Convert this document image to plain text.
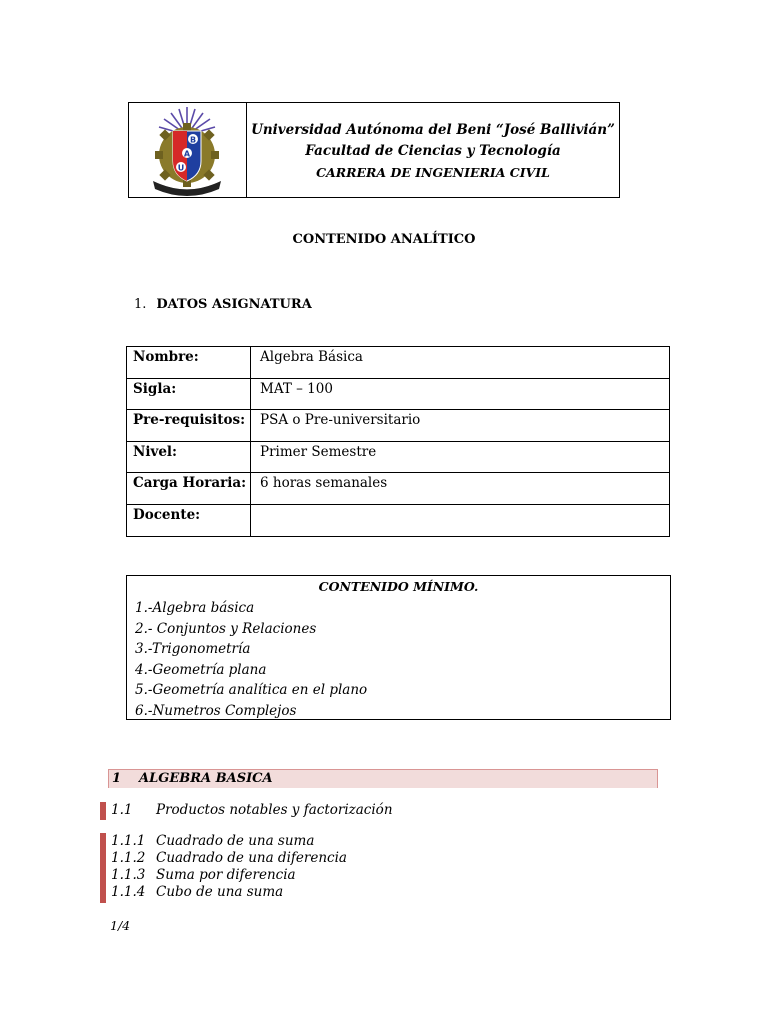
B
A
U
Universidad Autónoma del Beni “José Ballivián”
Facultad de Ciencias y Tecnología
CARRERA DE INGENIERIA CIVIL
CONTENIDO ANALÍTICO
1. DATOS ASIGNATURA
Nombre:	Algebra Básica
Sigla:	MAT – 100
Pre-requisitos:	PSA o Pre-universitario
Nivel:	Primer Semestre
Carga Horaria:	6 horas semanales
Docente:	
CONTENIDO MÍNIMO.
1.-Algebra básica
2.- Conjuntos y Relaciones
3.-Trigonometría
4.-Geometría plana
5.-Geometría analítica en el plano
6.-Numetros Complejos
1 ALGEBRA BASICA
1.1 Productos notables y factorización
1.1.1 Cuadrado de una suma
1.1.2 Cuadrado de una diferencia
1.1.3 Suma por diferencia
1.1.4 Cubo de una suma
1/4
